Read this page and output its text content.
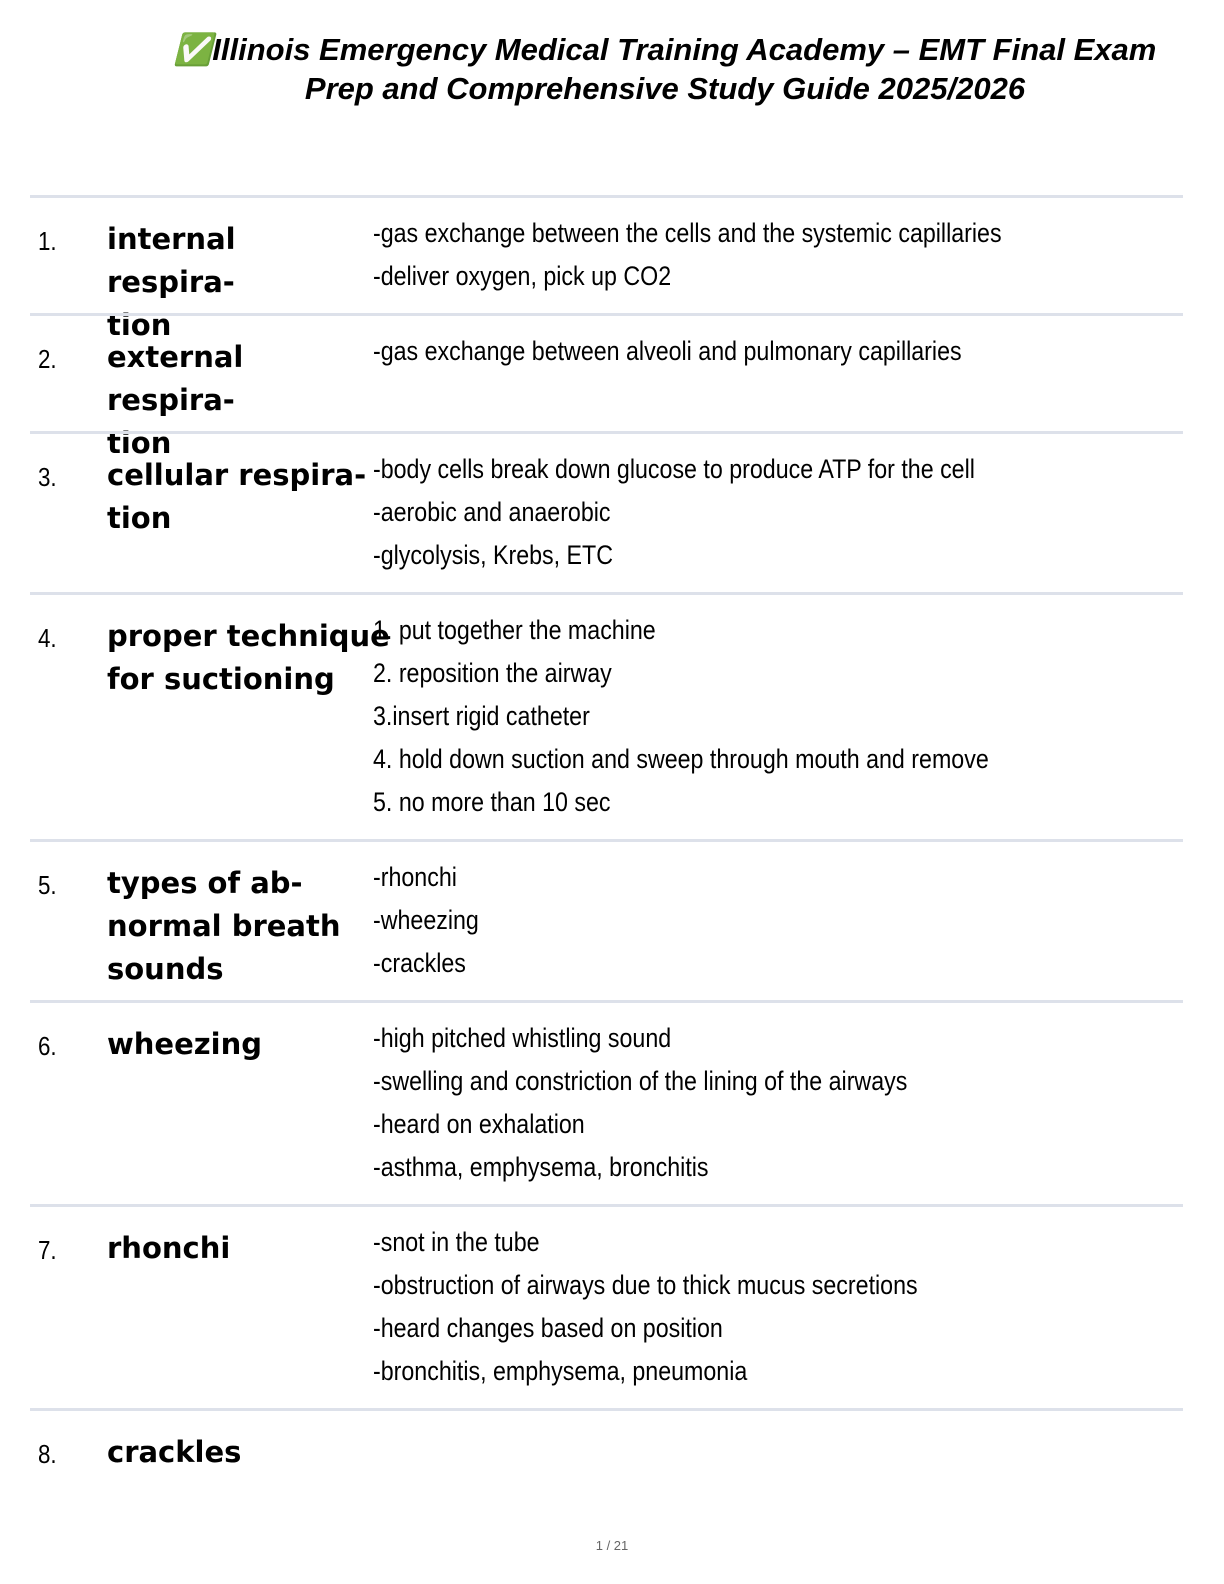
✅Illinois Emergency Medical Training Academy – EMT Final Exam
Prep and Comprehensive Study Guide 2025/2026
1. internal respira-
tion
-gas exchange between the cells and the systemic capillaries
-deliver oxygen, pick up CO2
2. external respira-
tion
-gas exchange between alveoli and pulmonary capillaries
3. cellular respira-
tion
-body cells break down glucose to produce ATP for the cell
-aerobic and anaerobic
-glycolysis, Krebs, ETC
4. proper technique
for suctioning
1. put together the machine
2. reposition the airway
3.insert rigid catheter
4. hold down suction and sweep through mouth and remove
5. no more than 10 sec
5. types of ab-
normal breath
sounds
-rhonchi
-wheezing
-crackles
6. wheezing	-high pitched whistling sound
-swelling and constriction of the lining of the airways
-heard on exhalation
-asthma, emphysema, bronchitis
7. rhonchi	-snot in the tube
-obstruction of airways due to thick mucus secretions
-heard changes based on position
-bronchitis, emphysema, pneumonia
8. crackles
1 / 21
